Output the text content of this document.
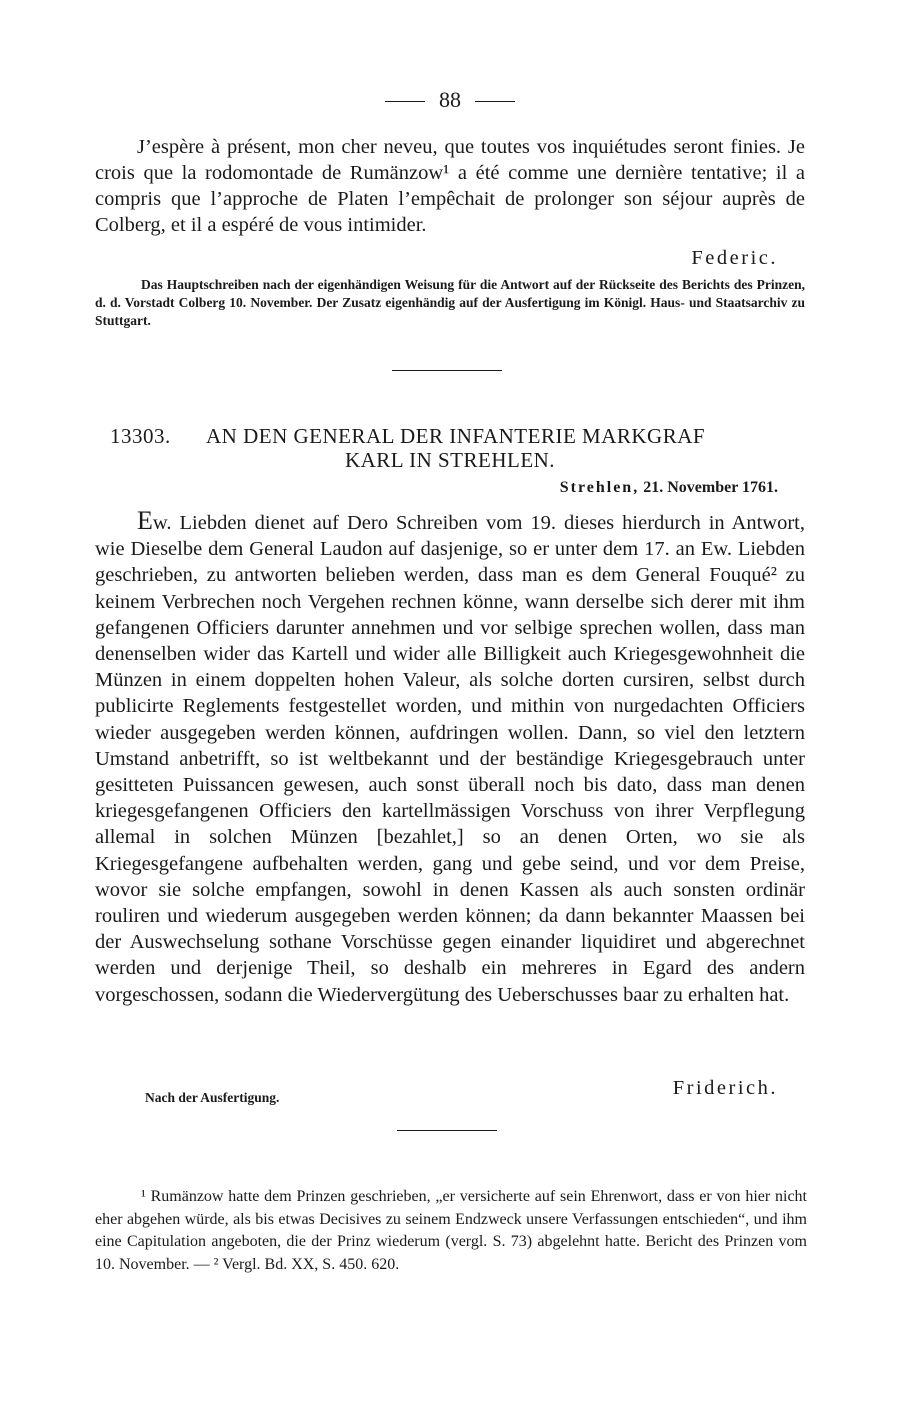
88

J’espère à présent, mon cher neveu, que toutes vos inquiétudes seront finies. Je crois que la rodomontade de Rumänzow¹ a été comme une dernière tentative; il a compris que l’approche de Platen l’empêchait de prolonger son séjour auprès de Colberg, et il a espéré de vous intimider.

Federic.

Das Hauptschreiben nach der eigenhändigen Weisung für die Antwort auf der Rückseite des Berichts des Prinzen, d. d. Vorstadt Colberg 10. November. Der Zusatz eigenhändig auf der Ausfertigung im Königl. Haus- und Staatsarchiv zu Stuttgart.

13303. AN DEN GENERAL DER INFANTERIE MARKGRAF
KARL IN STREHLEN.
Strehlen, 21. November 1761.

Ew. Liebden dienet auf Dero Schreiben vom 19. dieses hierdurch in Antwort, wie Dieselbe dem General Laudon auf dasjenige, so er unter dem 17. an Ew. Liebden geschrieben, zu antworten belieben werden, dass man es dem General Fouqué² zu keinem Verbrechen noch Vergehen rechnen könne, wann derselbe sich derer mit ihm gefangenen Officiers darunter annehmen und vor selbige sprechen wollen, dass man denenselben wider das Kartell und wider alle Billigkeit auch Kriegesgewohnheit die Münzen in einem doppelten hohen Valeur, als solche dorten cursiren, selbst durch publicirte Reglements festgestellet worden, und mithin von nurgedachten Officiers wieder ausgegeben werden können, aufdringen wollen. Dann, so viel den letztern Umstand anbetrifft, so ist weltbekannt und der beständige Kriegesgebrauch unter gesitteten Puissancen gewesen, auch sonst überall noch bis dato, dass man denen kriegesgefangenen Officiers den kartellmässigen Vorschuss von ihrer Verpflegung allemal in solchen Münzen [bezahlet,] so an denen Orten, wo sie als Kriegesgefangene aufbehalten werden, gang und gebe seind, und vor dem Preise, wovor sie solche empfangen, sowohl in denen Kassen als auch sonsten ordinär rouliren und wiederum ausgegeben werden können; da dann bekannter Maassen bei der Auswechselung sothane Vorschüsse gegen einander liquidiret und abgerechnet werden und derjenige Theil, so deshalb ein mehreres in Egard des andern vorgeschossen, sodann die Wiedervergütung des Ueberschusses baar zu erhalten hat.

Friderich.
Nach der Ausfertigung.

¹ Rumänzow hatte dem Prinzen geschrieben, „er versicherte auf sein Ehrenwort, dass er von hier nicht eher abgehen würde, als bis etwas Decisives zu seinem Endzweck unsere Verfassungen entschieden“, und ihm eine Capitulation angeboten, die der Prinz wiederum (vergl. S. 73) abgelehnt hatte. Bericht des Prinzen vom 10. November. — ² Vergl. Bd. XX, S. 450. 620.
